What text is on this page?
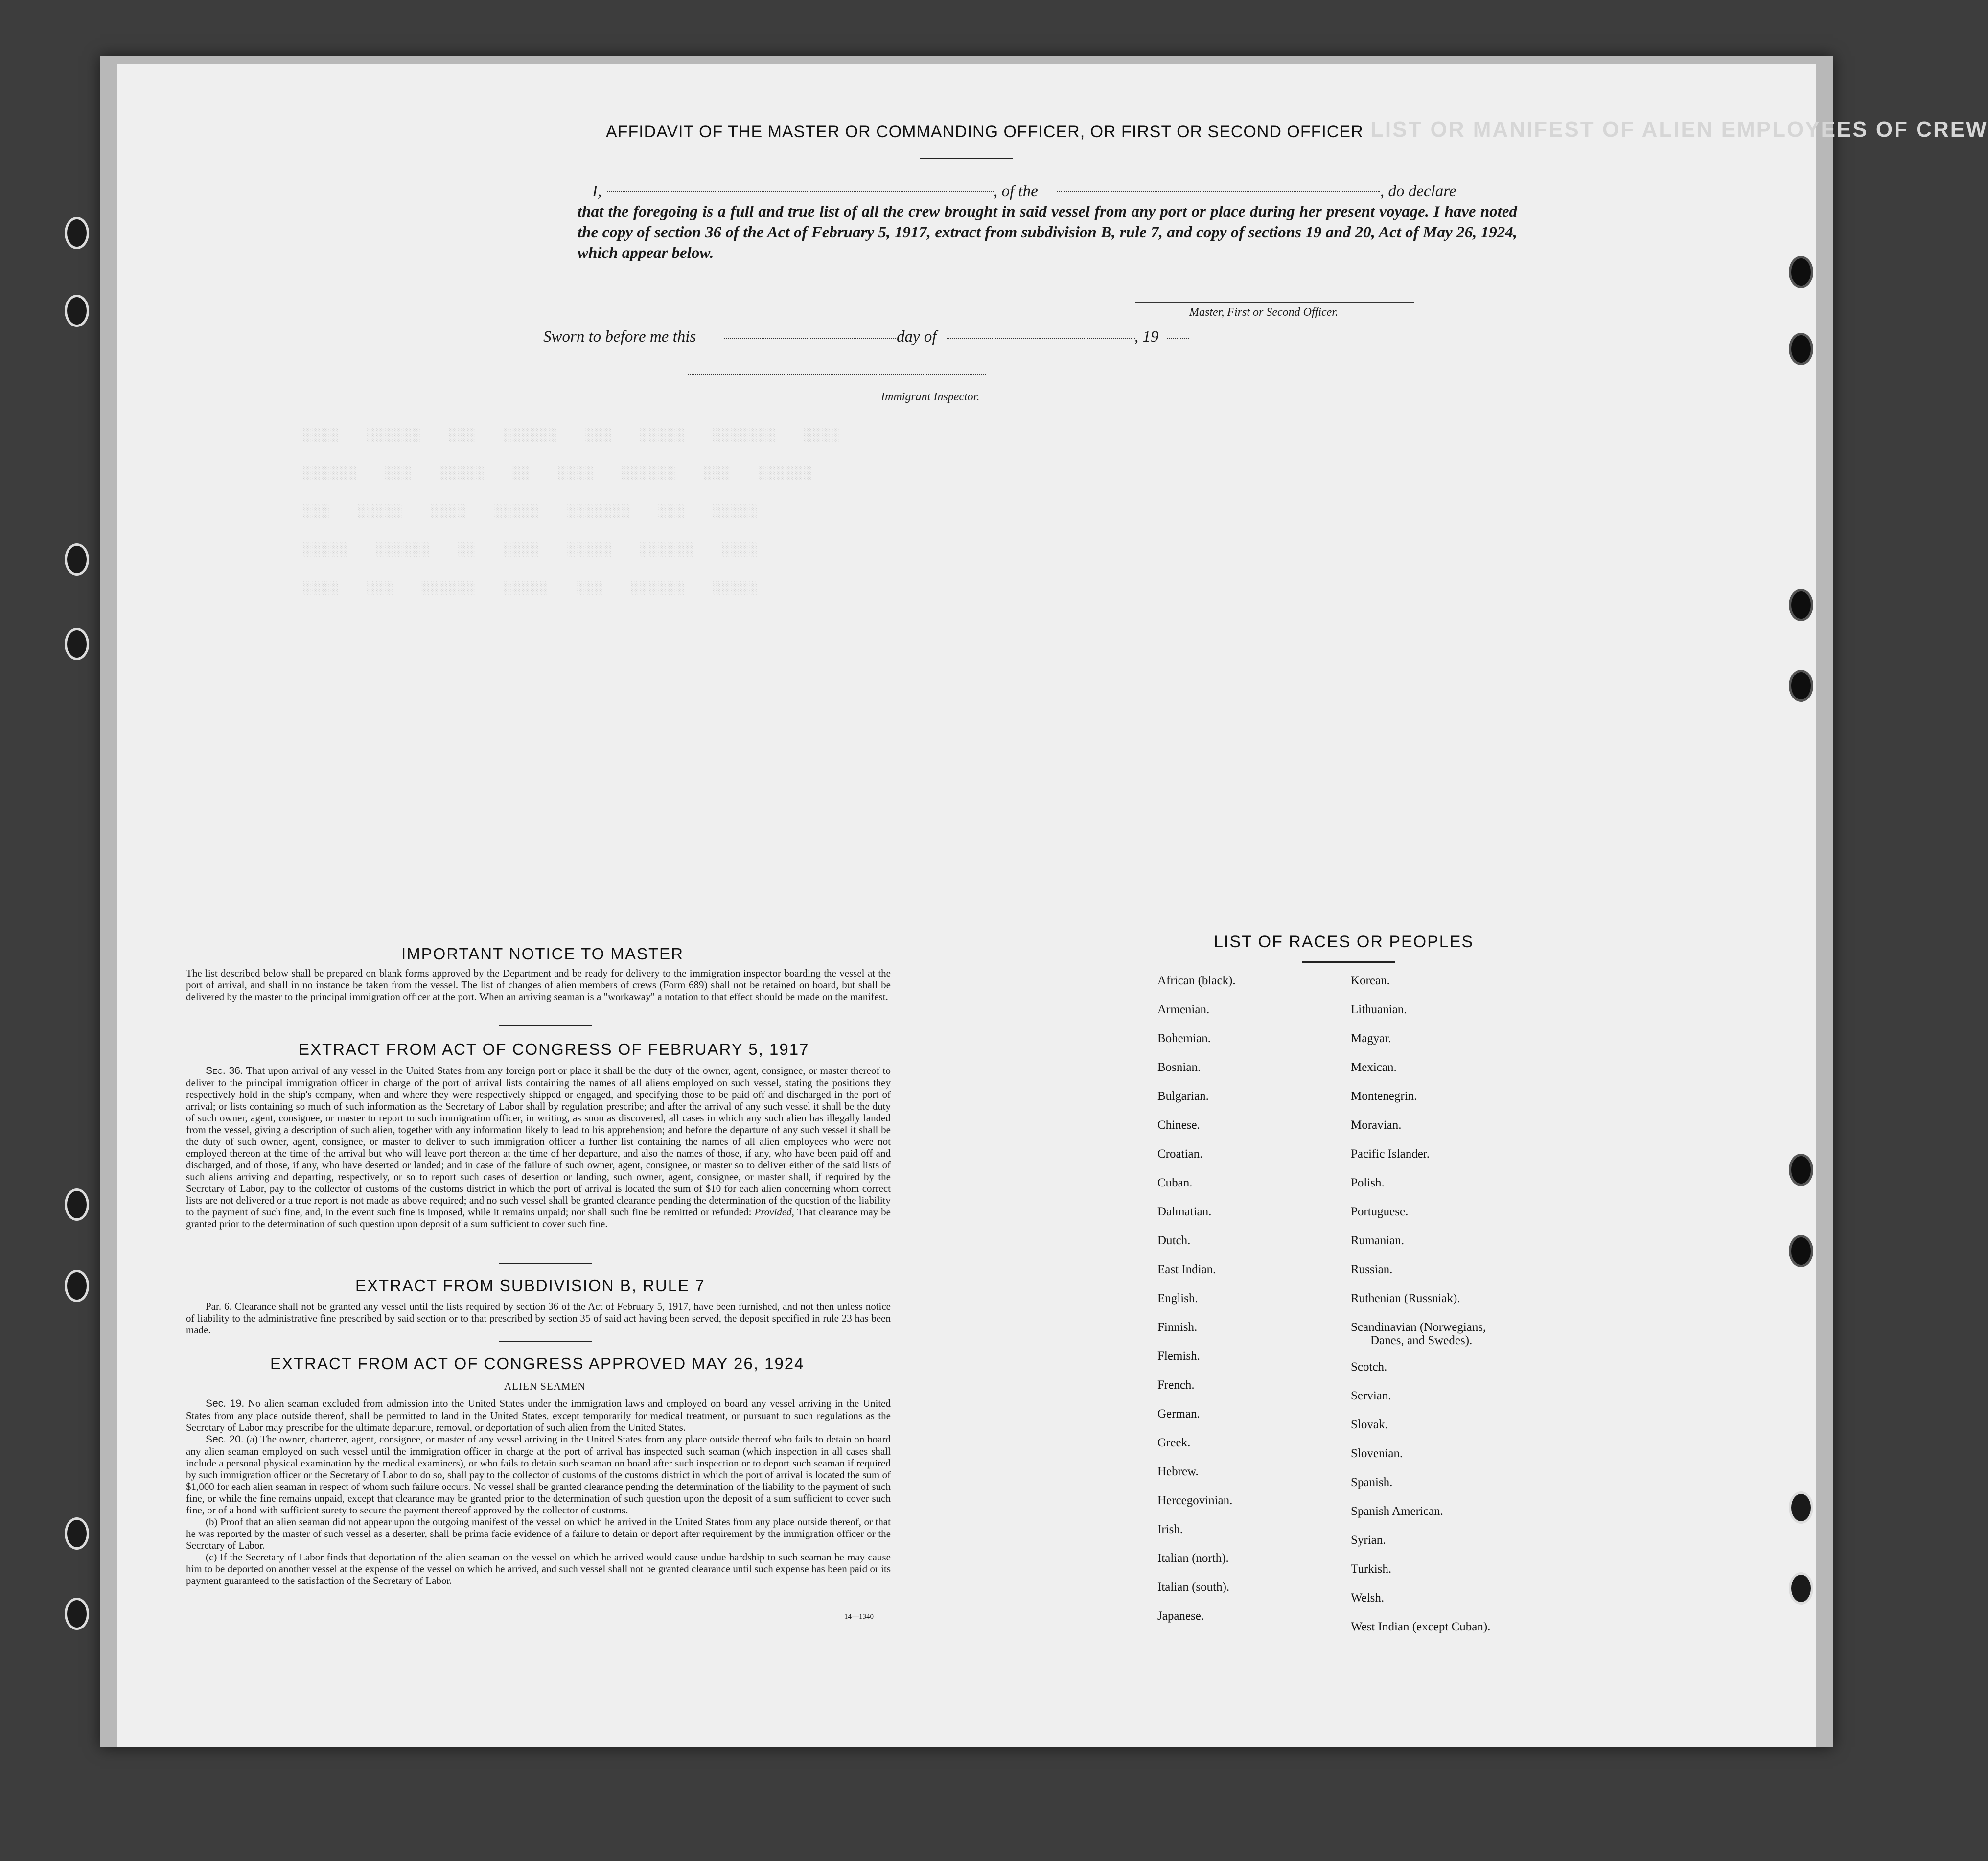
LIST OR MANIFEST OF ALIEN EMPLOYEES OF CREW
░░░░   ░░░░░░   ░░░   ░░░░░░   ░░░   ░░░░░   ░░░░░░░   ░░░░
░░░░░░   ░░░   ░░░░░   ░░   ░░░░   ░░░░░░   ░░░   ░░░░░░
░░░   ░░░░░   ░░░░   ░░░░░   ░░░░░░░   ░░░   ░░░░░
░░░░░   ░░░░░░   ░░   ░░░░   ░░░░░   ░░░░░░   ░░░░
░░░░   ░░░   ░░░░░░   ░░░░░   ░░░   ░░░░░░   ░░░░░
AFFIDAVIT OF THE MASTER OR COMMANDING OFFICER, OR FIRST OR SECOND OFFICER
I,	, of the	, do declare
that the foregoing is a full and true list of all the crew brought in said vessel from any port or place during her present voyage. I have noted the copy of section 36 of the Act of February 5, 1917, extract from subdivision B, rule 7, and copy of sections 19 and 20, Act of May 26, 1924, which appear below.
Master, First or Second Officer.
Sworn to before me this	day of	, 19
Immigrant Inspector.
IMPORTANT NOTICE TO MASTER
The list described below shall be prepared on blank forms approved by the Department and be ready for delivery to the immigration inspector boarding the vessel at the port of arrival, and shall in no instance be taken from the vessel. The list of changes of alien members of crews (Form 689) shall not be retained on board, but shall be delivered by the master to the principal immigration officer at the port. When an arriving seaman is a "workaway" a notation to that effect should be made on the manifest.
EXTRACT FROM ACT OF CONGRESS OF FEBRUARY 5, 1917
Sec. 36. That upon arrival of any vessel in the United States from any foreign port or place it shall be the duty of the owner, agent, consignee, or master thereof to deliver to the principal immigration officer in charge of the port of arrival lists containing the names of all aliens employed on such vessel, stating the positions they respectively hold in the ship's company, when and where they were respectively shipped or engaged, and specifying those to be paid off and discharged in the port of arrival; or lists containing so much of such information as the Secretary of Labor shall by regulation prescribe; and after the arrival of any such vessel it shall be the duty of such owner, agent, consignee, or master to report to such immigration officer, in writing, as soon as discovered, all cases in which any such alien has illegally landed from the vessel, giving a description of such alien, together with any information likely to lead to his apprehension; and before the departure of any such vessel it shall be the duty of such owner, agent, consignee, or master to deliver to such immigration officer a further list containing the names of all alien employees who were not employed thereon at the time of the arrival but who will leave port thereon at the time of her departure, and also the names of those, if any, who have been paid off and discharged, and of those, if any, who have deserted or landed; and in case of the failure of such owner, agent, consignee, or master so to deliver either of the said lists of such aliens arriving and departing, respectively, or so to report such cases of desertion or landing, such owner, agent, consignee, or master shall, if required by the Secretary of Labor, pay to the collector of customs of the customs district in which the port of arrival is located the sum of $10 for each alien concerning whom correct lists are not delivered or a true report is not made as above required; and no such vessel shall be granted clearance pending the determination of the question of the liability to the payment of such fine, and, in the event such fine is imposed, while it remains unpaid; nor shall such fine be remitted or refunded: Provided, That clearance may be granted prior to the determination of such question upon deposit of a sum sufficient to cover such fine.
EXTRACT FROM SUBDIVISION B, RULE 7
Par. 6. Clearance shall not be granted any vessel until the lists required by section 36 of the Act of February 5, 1917, have been furnished, and not then unless notice of liability to the administrative fine prescribed by said section or to that prescribed by section 35 of said act having been served, the deposit specified in rule 23 has been made.
EXTRACT FROM ACT OF CONGRESS APPROVED MAY 26, 1924
ALIEN SEAMEN
Sec. 19. No alien seaman excluded from admission into the United States under the immigration laws and employed on board any vessel arriving in the United States from any place outside thereof, shall be permitted to land in the United States, except temporarily for medical treatment, or pursuant to such regulations as the Secretary of Labor may prescribe for the ultimate departure, removal, or deportation of such alien from the United States.
Sec. 20. (a) The owner, charterer, agent, consignee, or master of any vessel arriving in the United States from any place outside thereof who fails to detain on board any alien seaman employed on such vessel until the immigration officer in charge at the port of arrival has inspected such seaman (which inspection in all cases shall include a personal physical examination by the medical examiners), or who fails to detain such seaman on board after such inspection or to deport such seaman if required by such immigration officer or the Secretary of Labor to do so, shall pay to the collector of customs of the customs district in which the port of arrival is located the sum of $1,000 for each alien seaman in respect of whom such failure occurs. No vessel shall be granted clearance pending the determination of the liability to the payment of such fine, or while the fine remains unpaid, except that clearance may be granted prior to the determination of such question upon the deposit of a sum sufficient to cover such fine, or of a bond with sufficient surety to secure the payment thereof approved by the collector of customs.
(b) Proof that an alien seaman did not appear upon the outgoing manifest of the vessel on which he arrived in the United States from any place outside thereof, or that he was reported by the master of such vessel as a deserter, shall be prima facie evidence of a failure to detain or deport after requirement by the immigration officer or the Secretary of Labor.
(c) If the Secretary of Labor finds that deportation of the alien seaman on the vessel on which he arrived would cause undue hardship to such seaman he may cause him to be deported on another vessel at the expense of the vessel on which he arrived, and such vessel shall not be granted clearance until such expense has been paid or its payment guaranteed to the satisfaction of the Secretary of Labor.
14—1340
LIST OF RACES OR PEOPLES
African (black).
Armenian.
Bohemian.
Bosnian.
Bulgarian.
Chinese.
Croatian.
Cuban.
Dalmatian.
Dutch.
East Indian.
English.
Finnish.
Flemish.
French.
German.
Greek.
Hebrew.
Hercegovinian.
Irish.
Italian (north).
Italian (south).
Japanese.
Korean.
Lithuanian.
Magyar.
Mexican.
Montenegrin.
Moravian.
Pacific Islander.
Polish.
Portuguese.
Rumanian.
Russian.
Ruthenian (Russniak).
Scandinavian (Norwegians,
Danes, and Swedes).
Scotch.
Servian.
Slovak.
Slovenian.
Spanish.
Spanish American.
Syrian.
Turkish.
Welsh.
West Indian (except Cuban).
